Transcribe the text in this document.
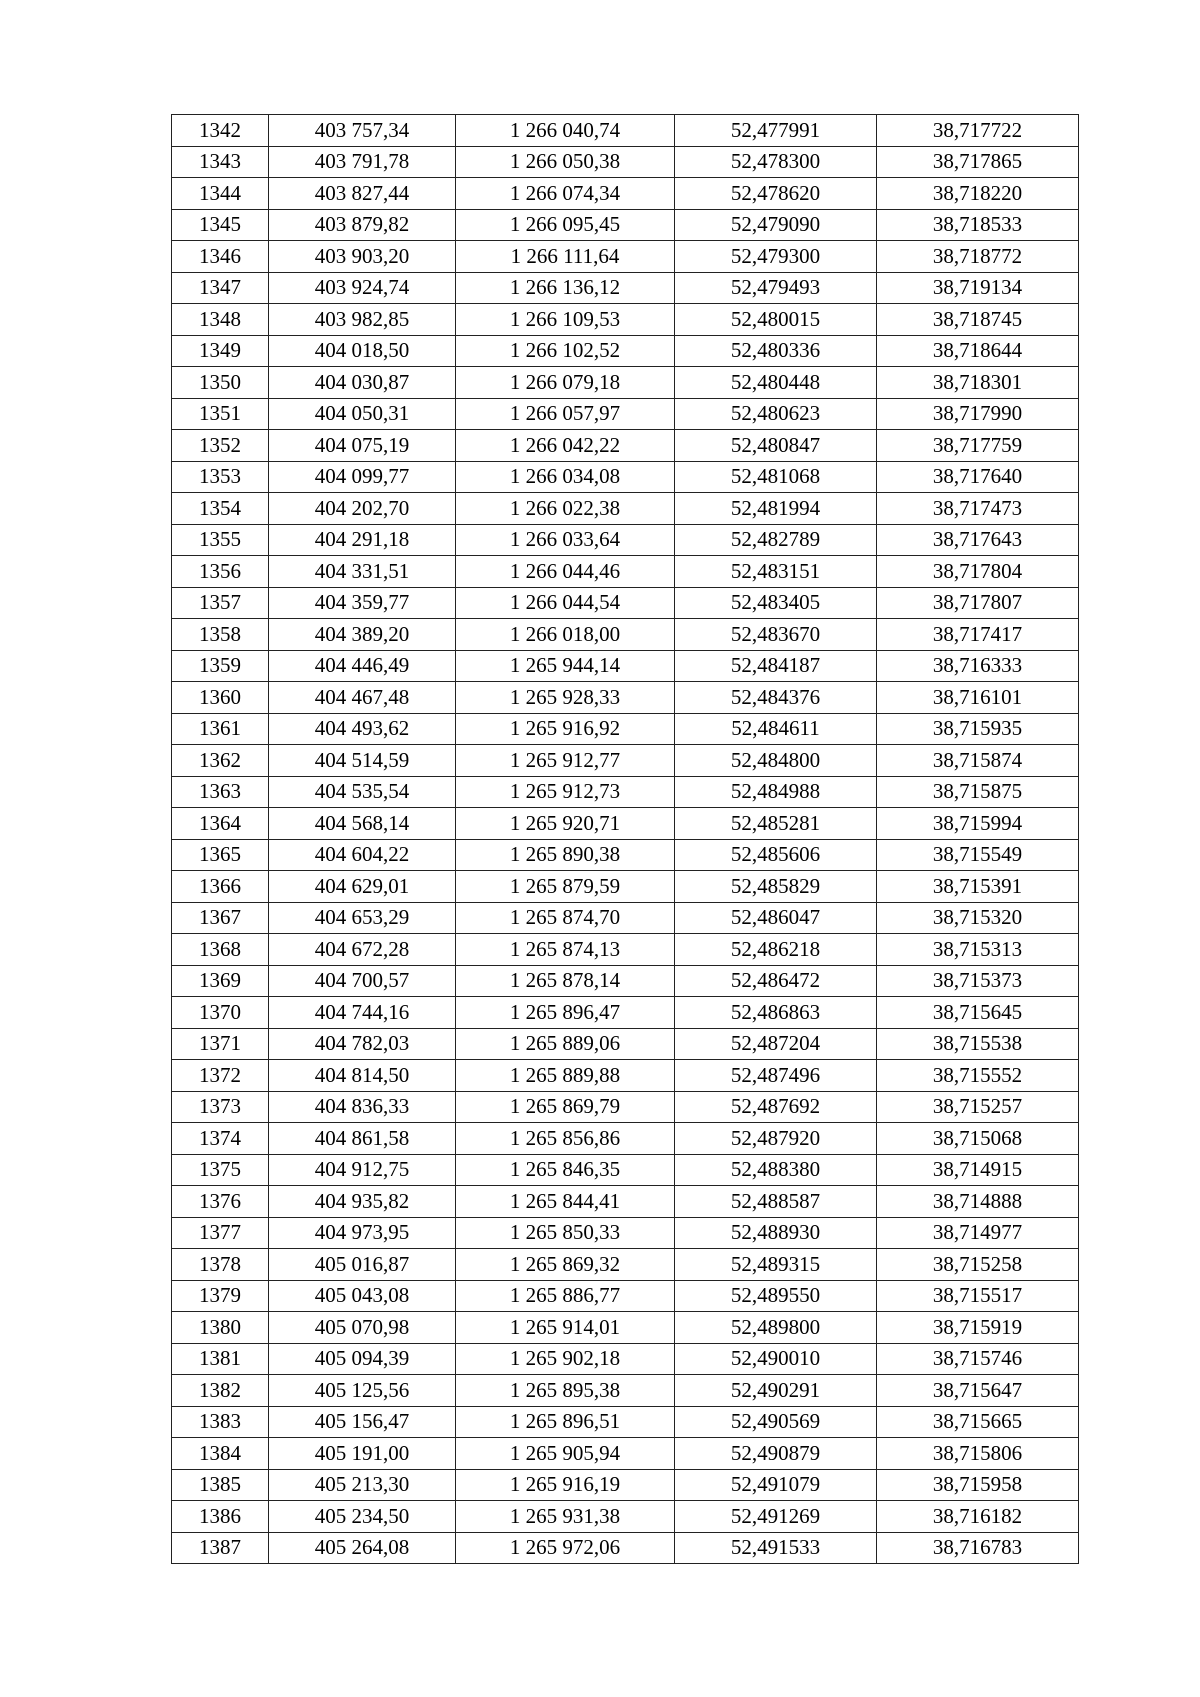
1342	403 757,34	1 266 040,74	52,477991	38,717722
1343	403 791,78	1 266 050,38	52,478300	38,717865
1344	403 827,44	1 266 074,34	52,478620	38,718220
1345	403 879,82	1 266 095,45	52,479090	38,718533
1346	403 903,20	1 266 111,64	52,479300	38,718772
1347	403 924,74	1 266 136,12	52,479493	38,719134
1348	403 982,85	1 266 109,53	52,480015	38,718745
1349	404 018,50	1 266 102,52	52,480336	38,718644
1350	404 030,87	1 266 079,18	52,480448	38,718301
1351	404 050,31	1 266 057,97	52,480623	38,717990
1352	404 075,19	1 266 042,22	52,480847	38,717759
1353	404 099,77	1 266 034,08	52,481068	38,717640
1354	404 202,70	1 266 022,38	52,481994	38,717473
1355	404 291,18	1 266 033,64	52,482789	38,717643
1356	404 331,51	1 266 044,46	52,483151	38,717804
1357	404 359,77	1 266 044,54	52,483405	38,717807
1358	404 389,20	1 266 018,00	52,483670	38,717417
1359	404 446,49	1 265 944,14	52,484187	38,716333
1360	404 467,48	1 265 928,33	52,484376	38,716101
1361	404 493,62	1 265 916,92	52,484611	38,715935
1362	404 514,59	1 265 912,77	52,484800	38,715874
1363	404 535,54	1 265 912,73	52,484988	38,715875
1364	404 568,14	1 265 920,71	52,485281	38,715994
1365	404 604,22	1 265 890,38	52,485606	38,715549
1366	404 629,01	1 265 879,59	52,485829	38,715391
1367	404 653,29	1 265 874,70	52,486047	38,715320
1368	404 672,28	1 265 874,13	52,486218	38,715313
1369	404 700,57	1 265 878,14	52,486472	38,715373
1370	404 744,16	1 265 896,47	52,486863	38,715645
1371	404 782,03	1 265 889,06	52,487204	38,715538
1372	404 814,50	1 265 889,88	52,487496	38,715552
1373	404 836,33	1 265 869,79	52,487692	38,715257
1374	404 861,58	1 265 856,86	52,487920	38,715068
1375	404 912,75	1 265 846,35	52,488380	38,714915
1376	404 935,82	1 265 844,41	52,488587	38,714888
1377	404 973,95	1 265 850,33	52,488930	38,714977
1378	405 016,87	1 265 869,32	52,489315	38,715258
1379	405 043,08	1 265 886,77	52,489550	38,715517
1380	405 070,98	1 265 914,01	52,489800	38,715919
1381	405 094,39	1 265 902,18	52,490010	38,715746
1382	405 125,56	1 265 895,38	52,490291	38,715647
1383	405 156,47	1 265 896,51	52,490569	38,715665
1384	405 191,00	1 265 905,94	52,490879	38,715806
1385	405 213,30	1 265 916,19	52,491079	38,715958
1386	405 234,50	1 265 931,38	52,491269	38,716182
1387	405 264,08	1 265 972,06	52,491533	38,716783
